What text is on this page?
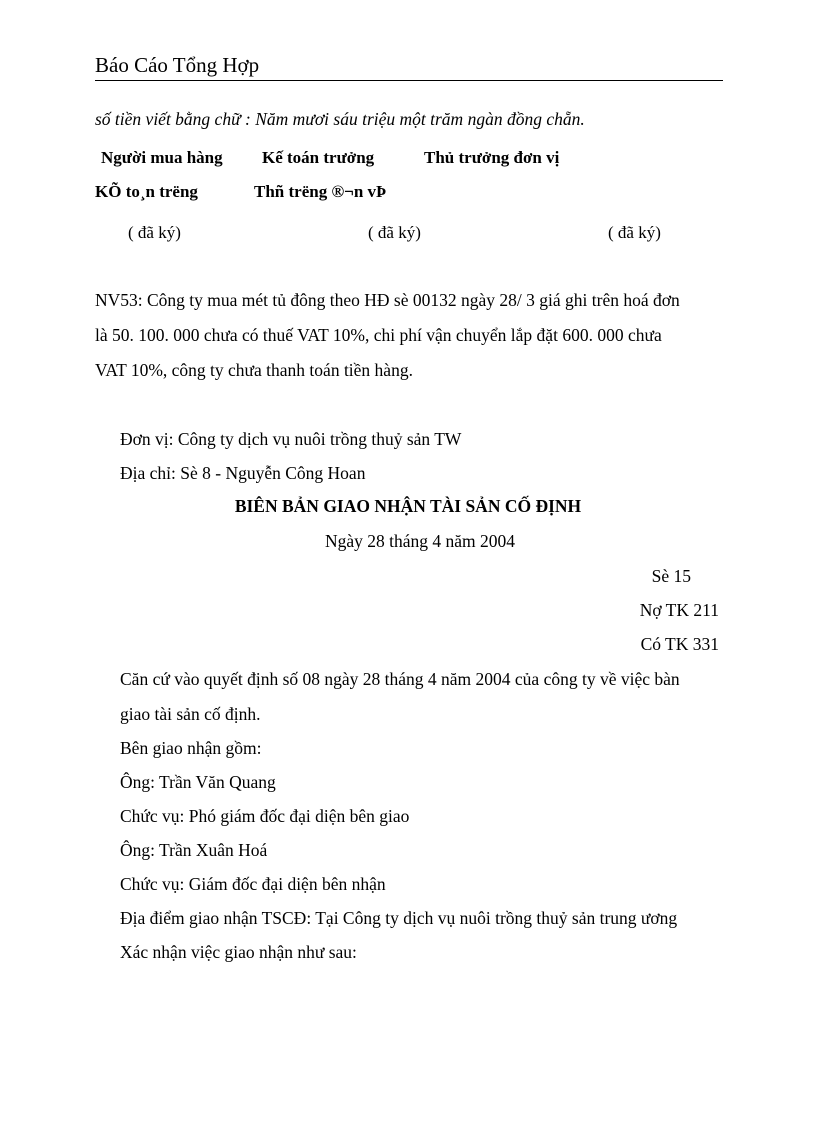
Báo Cáo Tổng Hợp
số tiền viết bằng chữ : Năm mươi sáu triệu một trăm ngàn đồng chẵn.
Người mua hàng Kế toán trưởng	Thủ trưởng đơn vị
KÕ to¸n trëng	Thñ trëng ®¬n vÞ
( đã ký)	( đã ký)	( đã ký)
NV53: Công ty mua mét tủ đông theo HĐ sè 00132 ngày 28/ 3 giá ghi trên hoá đơn
là 50. 100. 000 chưa có thuế VAT 10%, chi phí vận chuyển lắp đặt 600. 000 chưa
VAT 10%, công ty chưa thanh toán tiền hàng.
Đơn vị: Công ty dịch vụ nuôi trồng thuỷ sản TW
Địa chỉ: Sè 8 - Nguyễn Công Hoan
BIÊN BẢN GIAO NHẬN TÀI SẢN CỐ ĐỊNH
Ngày 28 tháng 4 năm 2004
Sè 15
Nợ TK 211
Có TK 331
Căn cứ vào quyết định số 08 ngày 28 tháng 4 năm 2004 của công ty về việc bàn
giao tài sản cố định.
Bên giao nhận gồm:
Ông: Trần Văn Quang
Chức vụ: Phó giám đốc đại diện bên giao
Ông: Trần Xuân Hoá
Chức vụ: Giám đốc đại diện bên nhận
Địa điểm giao nhận TSCĐ: Tại Công ty dịch vụ nuôi trồng thuỷ sản trung ương
Xác nhận việc giao nhận như sau:
